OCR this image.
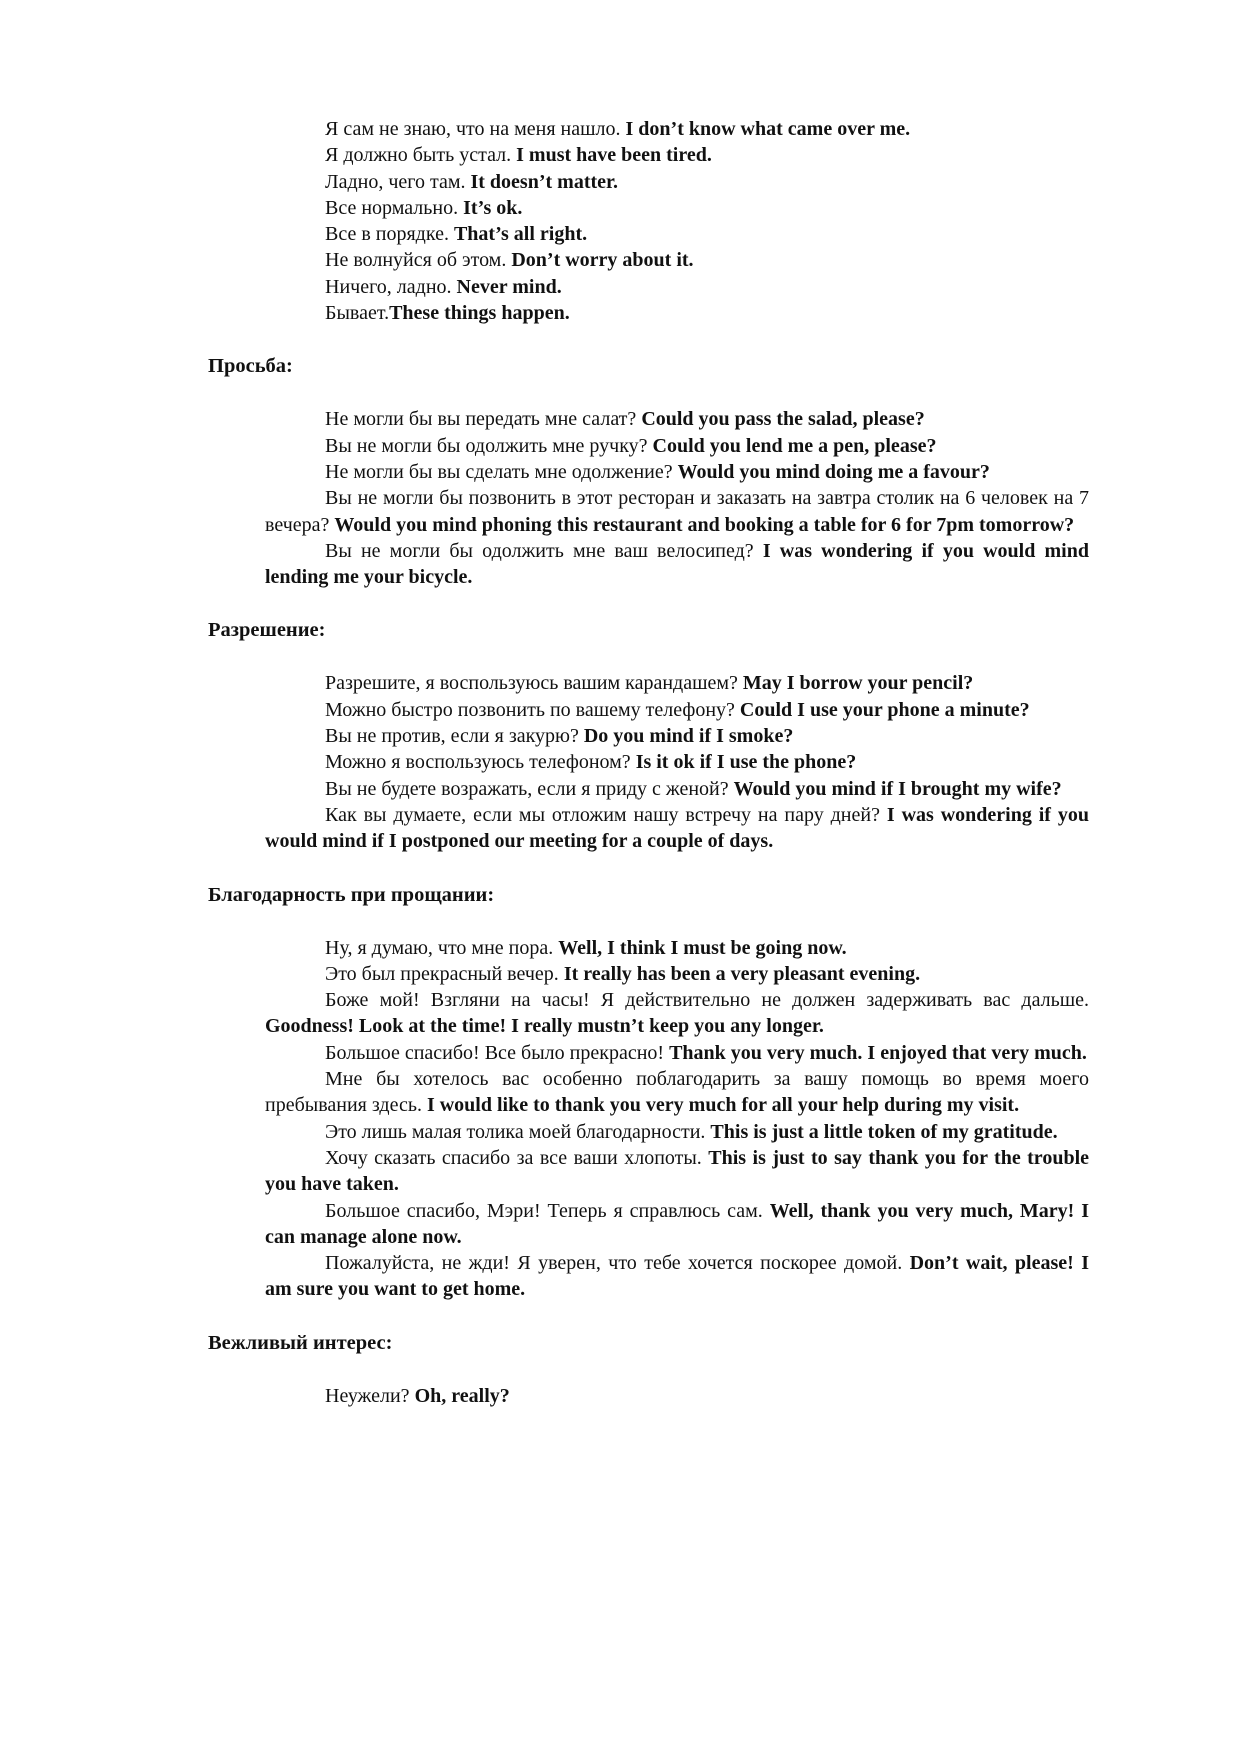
Я сам не знаю, что на меня нашло. I don’t know what came over me.
Я должно быть устал. I must have been tired.
Ладно, чего там. It doesn’t matter.
Все нормально. It’s ok.
Все в порядке. That’s all right.
Не волнуйся об этом. Don’t worry about it.
Ничего, ладно. Never mind.
Бывает.These things happen.
Просьба:
Не могли бы вы передать мне салат? Could you pass the salad, please?
Вы не могли бы одолжить мне ручку? Could you lend me a pen, please?
Не могли бы вы сделать мне одолжение? Would you mind doing me a favour?
Вы не могли бы позвонить в этот ресторан и заказать на завтра столик на 6 человек на 7 вечера? Would you mind phoning this restaurant and booking a table for 6 for 7pm tomorrow?
Вы не могли бы одолжить мне ваш велосипед? I was wondering if you would mind lending me your bicycle.
Разрешение:
Разрешите, я воспользуюсь вашим карандашем? May I borrow your pencil?
Можно быстро позвонить по вашему телефону? Could I use your phone a minute?
Вы не против, если я закурю? Do you mind if I smoke?
Можно я воспользуюсь телефоном? Is it ok if I use the phone?
Вы не будете возражать, если я приду с женой? Would you mind if I brought my wife?
Как вы думаете, если мы отложим нашу встречу на пару дней? I was wondering if you would mind if I postponed our meeting for a couple of days.
Благодарность при прощании:
Ну, я думаю, что мне пора. Well, I think I must be going now.
Это был прекрасный вечер. It really has been a very pleasant evening.
Боже мой! Взгляни на часы! Я действительно не должен задерживать вас дальше. Goodness! Look at the time! I really mustn’t keep you any longer.
Большое спасибо! Все было прекрасно! Thank you very much. I enjoyed that very much.
Мне бы хотелось вас особенно поблагодарить за вашу помощь во время моего пребывания здесь. I would like to thank you very much for all your help during my visit.
Это лишь малая толика моей благодарности. This is just a little token of my gratitude.
Хочу сказать спасибо за все ваши хлопоты. This is just to say thank you for the trouble you have taken.
Большое спасибо, Мэри! Теперь я справлюсь сам. Well, thank you very much, Mary! I can manage alone now.
Пожалуйста, не жди! Я уверен, что тебе хочется поскорее домой. Don’t wait, please! I am sure you want to get home.
Вежливый интерес:
Неужели? Oh, really?
